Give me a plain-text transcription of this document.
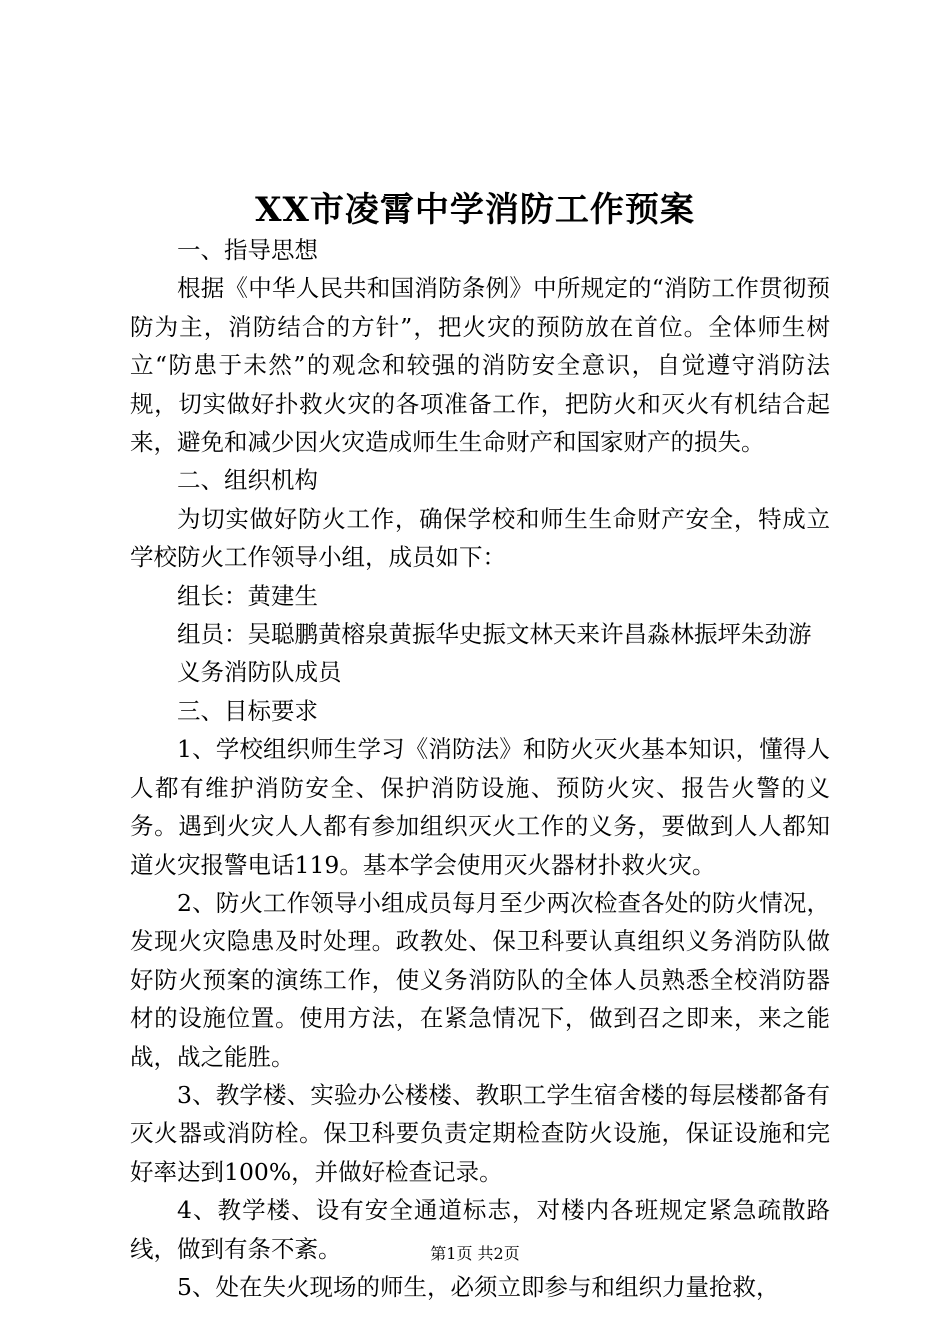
XX市凌霄中学消防工作预案

一、指导思想

根据《中华人民共和国消防条例》中所规定的“消防工作贯彻预防为主，消防结合的方针”，把火灾的预防放在首位。全体师生树立“防患于未然”的观念和较强的消防安全意识，自觉遵守消防法规，切实做好扑救火灾的各项准备工作，把防火和灭火有机结合起来，避免和减少因火灾造成师生生命财产和国家财产的损失。

二、组织机构

为切实做好防火工作，确保学校和师生生命财产安全，特成立学校防火工作领导小组，成员如下：

组长：黄建生

组员：吴聪鹏黄榕泉黄振华史振文林天来许昌淼林振坪朱劲游

义务消防队成员

三、目标要求

1、学校组织师生学习《消防法》和防火灭火基本知识，懂得人人都有维护消防安全、保护消防设施、预防火灾、报告火警的义务。遇到火灾人人都有参加组织灭火工作的义务，要做到人人都知道火灾报警电话119。基本学会使用灭火器材扑救火灾。

2、防火工作领导小组成员每月至少两次检查各处的防火情况，发现火灾隐患及时处理。政教处、保卫科要认真组织义务消防队做好防火预案的演练工作，使义务消防队的全体人员熟悉全校消防器材的设施位置。使用方法，在紧急情况下，做到召之即来，来之能战，战之能胜。

3、教学楼、实验办公楼楼、教职工学生宿舍楼的每层楼都备有灭火器或消防栓。保卫科要负责定期检查防火设施，保证设施和完好率达到100%，并做好检查记录。

4、教学楼、设有安全通道标志，对楼内各班规定紧急疏散路线，做到有条不紊。

5、处在失火现场的师生，必须立即参与和组织力量抢救，

第1页 共2页
